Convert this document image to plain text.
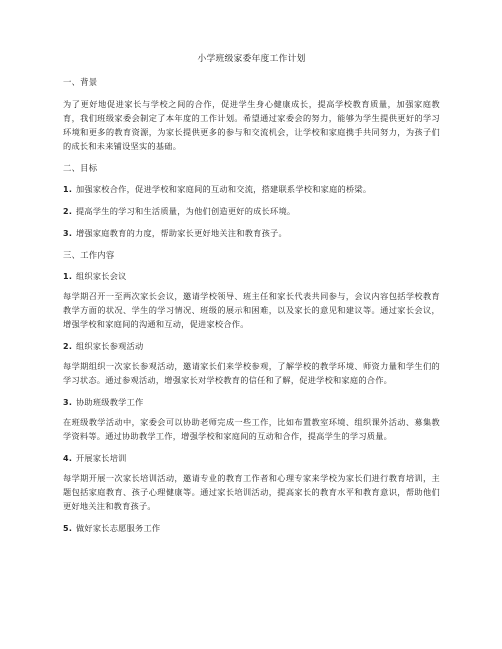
小学班级家委年度工作计划
一、背景
为了更好地促进家长与学校之间的合作，促进学生身心健康成长，提高学校教育质量，加强家庭教育，我们班级家委会制定了本年度的工作计划。希望通过家委会的努力，能够为学生提供更好的学习环境和更多的教育资源，为家长提供更多的参与和交流机会，让学校和家庭携手共同努力，为孩子们的成长和未来铺设坚实的基础。
二、目标
1. 加强家校合作，促进学校和家庭间的互动和交流，搭建联系学校和家庭的桥梁。
2. 提高学生的学习和生活质量，为他们创造更好的成长环境。
3. 增强家庭教育的力度，帮助家长更好地关注和教育孩子。
三、工作内容
1. 组织家长会议
每学期召开一至两次家长会议，邀请学校领导、班主任和家长代表共同参与，会议内容包括学校教育教学方面的状况、学生的学习情况、班级的展示和困难，以及家长的意见和建议等。通过家长会议，增强学校和家庭间的沟通和互动，促进家校合作。
2. 组织家长参观活动
每学期组织一次家长参观活动，邀请家长们来学校参观，了解学校的教学环境、师资力量和学生们的学习状态。通过参观活动，增强家长对学校教育的信任和了解，促进学校和家庭的合作。
3. 协助班级教学工作
在班级教学活动中，家委会可以协助老师完成一些工作，比如布置教室环境、组织课外活动、募集教学资料等。通过协助教学工作，增强学校和家庭间的互动和合作，提高学生的学习质量。
4. 开展家长培训
每学期开展一次家长培训活动，邀请专业的教育工作者和心理专家来学校为家长们进行教育培训，主题包括家庭教育、孩子心理健康等。通过家长培训活动，提高家长的教育水平和教育意识，帮助他们更好地关注和教育孩子。
5. 做好家长志愿服务工作
